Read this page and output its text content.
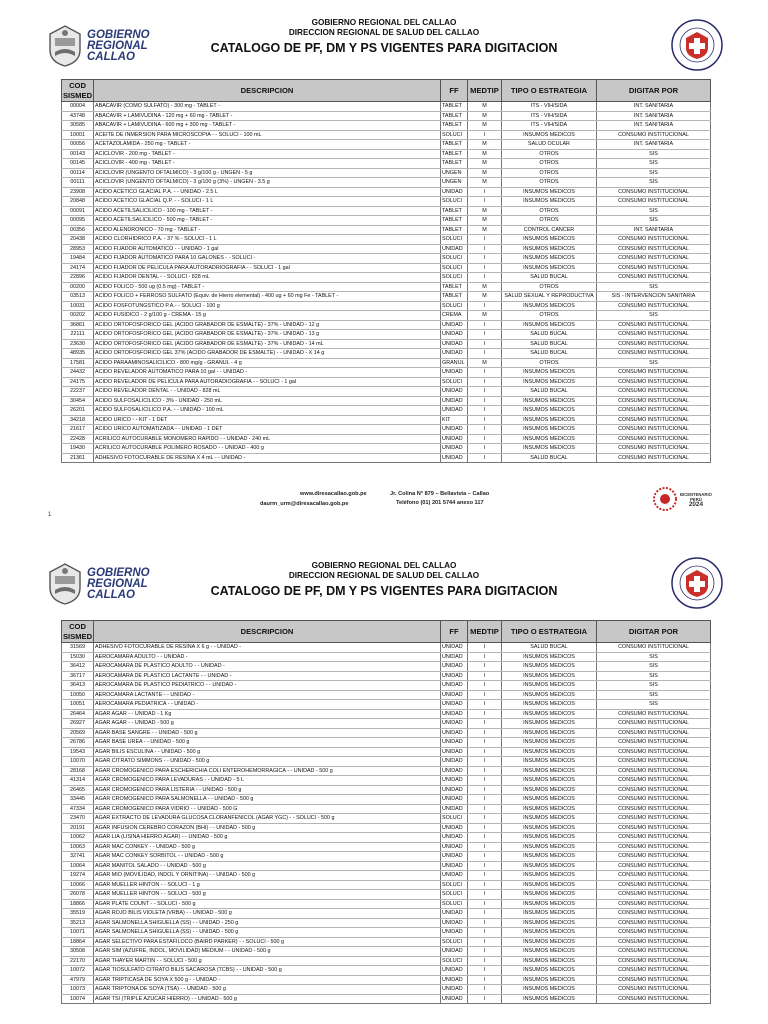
GOBIERNO
REGIONAL
CALLAO
GOBIERNO REGIONAL DEL CALLAO
DIRECCION REGIONAL DE SALUD DEL CALLAO
CATALOGO DE PF, DM Y PS VIGENTES PARA DIGITACION
COD SISMED	DESCRIPCION	FF	MEDTIP	TIPO O ESTRATEGIA	DIGITAR POR
00004	ABACAVIR (COMO SULFATO) - 300 mg - TABLET -	TABLET	M	ITS - VIH/SIDA	INT. SANITARIA
43748	ABACAVIR + LAMIVUDINA - 120 mg + 60 mg - TABLET -	TABLET	M	ITS - VIH/SIDA	INT. SANITARIA
30585	ABACAVIR + LAMIVUDINA - 600 mg + 300 mg - TABLET -	TABLET	M	ITS - VIH/SIDA	INT. SANITARIA
10001	ACEITE DE INMERSION PARA MICROSCOPIA - - SOLUCI - 100 mL	SOLUCI	I	INSUMOS MEDICOS	CONSUMO INSTITUCIONAL
00056	ACETAZOLAMIDA - 250 mg - TABLET -	TABLET	M	SALUD OCULAR	INT. SANITARIA
00143	ACICLOVIR - 200 mg - TABLET -	TABLET	M	OTROS	SIS
00145	ACICLOVIR - 400 mg - TABLET -	TABLET	M	OTROS	SIS
00114	ACICLOVIR (UNGENTO OFTALMICO) - 3 g/100 g - UNGEN - 5 g	UNGEN	M	OTROS	SIS
00111	ACICLOVIR (UNGENTO OFTALMICO) - 3 g/100 g (3%) - UNGEN - 3.5 g	UNGEN	M	OTROS	SIS
23908	ACIDO ACETICO GLACIAL P.A. - - UNIDAD - 2.5 L	UNIDAD	I	INSUMOS MEDICOS	CONSUMO INSTITUCIONAL
20848	ACIDO ACETICO GLACIAL Q.P. - - SOLUCI - 1 L	SOLUCI	I	INSUMOS MEDICOS	CONSUMO INSTITUCIONAL
00091	ACIDO ACETILSALICILICO - 100 mg - TABLET -	TABLET	M	OTROS	SIS
00095	ACIDO ACETILSALICILICO - 500 mg - TABLET -	TABLET	M	OTROS	SIS
00356	ACIDO ALENDRONICO - 70 mg - TABLET -	TABLET	M	CONTROL CANCER	INT. SANITARIA
20438	ACIDO CLORHIDRICO P.A. - 37 % - SOLUCI - 1 L	SOLUCI	I	INSUMOS MEDICOS	CONSUMO INSTITUCIONAL
28953	ACIDO FIJADOR AUTOMATICO - - UNIDAD - 1 gal	UNIDAD	I	INSUMOS MEDICOS	CONSUMO INSTITUCIONAL
19484	ACIDO FIJADOR AUTOMATICO PARA 10 GALONES - - SOLUCI -	SOLUCI	I	INSUMOS MEDICOS	CONSUMO INSTITUCIONAL
24174	ACIDO FIJADOR DE PELICULA PARA AUTORADRIOGRAFIA - - SOLUCI - 1 gal	SOLUCI	I	INSUMOS MEDICOS	CONSUMO INSTITUCIONAL
22896	ACIDO FIJADOR DENTAL - - SOLUCI - 828 mL	SOLUCI	I	SALUD BUCAL	CONSUMO INSTITUCIONAL
00200	ACIDO FOLICO - 500 ug (0.5 mg) - TABLET -	TABLET	M	OTROS	SIS
03513	ACIDO FOLICO + FERROSO SULFATO (Equiv. de Hierro elemental) - 400 ug + 60 mg Fe - TABLET -	TABLET	M	SALUD SEXUAL Y REPRODUCTIVA	SIS - INTERVENCION SANITARIA
10031	ACIDO FOSFOTUNGSTICO P.A.- - SOLUCI - 100 g	SOLUCI	I	INSUMOS MEDICOS	CONSUMO INSTITUCIONAL
00202	ACIDO FUSIDICO - 2 g/100 g - CREMA - 15 g	CREMA	M	OTROS	SIS
36861	ACIDO ORTOFOSFORICO GEL (ACIDO GRABADOR DE ESMALTE) - 37% - UNIDAD - 12 g	UNIDAD	I	INSUMOS MEDICOS	CONSUMO INSTITUCIONAL
22111	ACIDO ORTOFOSFORICO GEL (ACIDO GRABADOR DE ESMALTE) - 37% - UNIDAD - 13 g	UNIDAD	I	SALUD BUCAL	CONSUMO INSTITUCIONAL
23630	ACIDO ORTOFOSFORICO GEL (ACIDO GRABADOR DE ESMALTE) - 37% - UNIDAD - 14 mL	UNIDAD	I	SALUD BUCAL	CONSUMO INSTITUCIONAL
48935	ACIDO ORTOFOSFORICO GEL 37% (ACIDO GRABADOR DE ESMALTE) - - UNIDAD - X 14 g	UNIDAD	I	SALUD BUCAL	CONSUMO INSTITUCIONAL
17581	ACIDO PARAAMINOSALICILICO - 800 mg/g - GRANUL - 4 g	GRANUL	M	OTROS	SIS
24432	ACIDO REVELADOR AUTOMATICO PARA 10 gal - - UNIDAD -	UNIDAD	I	INSUMOS MEDICOS	CONSUMO INSTITUCIONAL
24175	ACIDO REVELADOR DE PELICULA PARA AUTORADIOGRAFIA - - SOLUCI - 1 gal	SOLUCI	I	INSUMOS MEDICOS	CONSUMO INSTITUCIONAL
22237	ACIDO REVELADOR DENTAL - - UNIDAD - 828 mL	UNIDAD	I	SALUD BUCAL	CONSUMO INSTITUCIONAL
30454	ACIDO SULFOSALICILICO - 3% - UNIDAD - 250 mL	UNIDAD	I	INSUMOS MEDICOS	CONSUMO INSTITUCIONAL
26201	ACIDO SULFOSALICILICO P.A. - - UNIDAD - 100 mL	UNIDAD	I	INSUMOS MEDICOS	CONSUMO INSTITUCIONAL
34218	ACIDO URICO - - KIT - 1 DET	KIT	I	INSUMOS MEDICOS	CONSUMO INSTITUCIONAL
21617	ACIDO URICO AUTOMATIZADA - - UNIDAD - 1 DET	UNIDAD	I	INSUMOS MEDICOS	CONSUMO INSTITUCIONAL
22428	ACRILICO AUTOCURABLE MONOMERO RAPIDO - - UNIDAD - 240 mL	UNIDAD	I	INSUMOS MEDICOS	CONSUMO INSTITUCIONAL
19430	ACRILICO AUTOCURABLE POLIMERO ROSADO - - UNIDAD - 400 g	UNIDAD	I	INSUMOS MEDICOS	CONSUMO INSTITUCIONAL
21361	ADHESIVO FOTOCURABLE DE RESINA X 4 mL - - UNIDAD -	UNIDAD	I	SALUD BUCAL	CONSUMO INSTITUCIONAL
www.diresacallao.gob.pe
daurm_urm@diresacallao.gob.pe
Jr. Colina N° 879 – Bellavista – Callao
Teléfono (01) 201 5744 anexo 117
1
BICENTENARIO
PERÚ
2024
GOBIERNO
REGIONAL
CALLAO
GOBIERNO REGIONAL DEL CALLAO
DIRECCION REGIONAL DE SALUD DEL CALLAO
CATALOGO DE PF, DM Y PS VIGENTES PARA DIGITACION
COD SISMED	DESCRIPCION	FF	MEDTIP	TIPO O ESTRATEGIA	DIGITAR POR
31569	ADHESIVO FOTOCURABLE DE RESINA X 6 g - - UNIDAD -	UNIDAD	I	SALUD BUCAL	CONSUMO INSTITUCIONAL
15030	AEROCAMARA ADULTO - - UNIDAD -	UNIDAD	I	INSUMOS MEDICOS	SIS
36412	AEROCAMARA DE PLASTICO ADULTO - - UNIDAD -	UNIDAD	I	INSUMOS MEDICOS	SIS
36717	AEROCAMARA DE PLASTICO LACTANTE - - UNIDAD -	UNIDAD	I	INSUMOS MEDICOS	SIS
36413	AEROCAMARA DE PLASTICO PEDIATRICO - - UNIDAD -	UNIDAD	I	INSUMOS MEDICOS	SIS
10050	AEROCAMARA LACTANTE - - UNIDAD -	UNIDAD	I	INSUMOS MEDICOS	SIS
10051	AEROCAMARA PEDIATRICA - - UNIDAD -	UNIDAD	I	INSUMOS MEDICOS	SIS
26464	AGAR AGAR - - UNIDAD - 1 Kg	UNIDAD	I	INSUMOS MEDICOS	CONSUMO INSTITUCIONAL
26927	AGAR AGAR - - UNIDAD - 500 g	UNIDAD	I	INSUMOS MEDICOS	CONSUMO INSTITUCIONAL
20569	AGAR BASE SANGRE - - UNIDAD - 500 g	UNIDAD	I	INSUMOS MEDICOS	CONSUMO INSTITUCIONAL
26786	AGAR BASE UREA - - UNIDAD - 500 g	UNIDAD	I	INSUMOS MEDICOS	CONSUMO INSTITUCIONAL
19543	AGAR BILIS ESCULINA - - UNIDAD - 500 g	UNIDAD	I	INSUMOS MEDICOS	CONSUMO INSTITUCIONAL
10070	AGAR CITRATO SIMMONS - - UNIDAD - 500 g	UNIDAD	I	INSUMOS MEDICOS	CONSUMO INSTITUCIONAL
28168	AGAR CROMOGENICO PARA ESCHERICHIA COLI ENTEROHEMORRAGICA - - UNIDAD - 500 g	UNIDAD	I	INSUMOS MEDICOS	CONSUMO INSTITUCIONAL
41314	AGAR CROMOGENICO PARA LEVADURAS - - UNIDAD - 5 L	UNIDAD	I	INSUMOS MEDICOS	CONSUMO INSTITUCIONAL
26465	AGAR CROMOGENICO PARA LISTERIA - - UNIDAD - 500 g	UNIDAD	I	INSUMOS MEDICOS	CONSUMO INSTITUCIONAL
33445	AGAR CROMOGENICO PARA SALMONELLA - - UNIDAD - 500 g	UNIDAD	I	INSUMOS MEDICOS	CONSUMO INSTITUCIONAL
47334	AGAR CROMOGENICO PARA VIDRIO - - UNIDAD - 500 G	UNIDAD	I	INSUMOS MEDICOS	CONSUMO INSTITUCIONAL
23470	AGAR EXTRACTO DE LEVADURA GLUCOSA CLORANFENICOL (AGAR YGC) - - SOLUCI - 500 g	SOLUCI	I	INSUMOS MEDICOS	CONSUMO INSTITUCIONAL
20191	AGAR INFUSION CEREBRO CORAZON (BHI) - - UNIDAD - 500 g	UNIDAD	I	INSUMOS MEDICOS	CONSUMO INSTITUCIONAL
10062	AGAR LIA (LISINA HIERRO AGAR) - - UNIDAD - 500 g	UNIDAD	I	INSUMOS MEDICOS	CONSUMO INSTITUCIONAL
10063	AGAR MAC CONKEY - - UNIDAD - 500 g	UNIDAD	I	INSUMOS MEDICOS	CONSUMO INSTITUCIONAL
32741	AGAR MAC CONKEY SORBITOL - - UNIDAD - 500 g	UNIDAD	I	INSUMOS MEDICOS	CONSUMO INSTITUCIONAL
10064	AGAR MANITOL SALADO - - UNIDAD - 500 g	UNIDAD	I	INSUMOS MEDICOS	CONSUMO INSTITUCIONAL
19274	AGAR MIO (MOVILIDAD, INDOL Y ORNITINA) - - UNIDAD - 500 g	UNIDAD	I	INSUMOS MEDICOS	CONSUMO INSTITUCIONAL
10066	AGAR MUELLER HINTON - - SOLUCI - 1 g	SOLUCI	I	INSUMOS MEDICOS	CONSUMO INSTITUCIONAL
26078	AGAR MUELLER HINTON - - SOLUCI - 500 g	SOLUCI	I	INSUMOS MEDICOS	CONSUMO INSTITUCIONAL
18866	AGAR PLATE COUNT - - SOLUCI - 500 g	SOLUCI	I	INSUMOS MEDICOS	CONSUMO INSTITUCIONAL
35519	AGAR ROJO BILIS VIOLETA (VRBA) - - UNIDAD - 500 g	UNIDAD	I	INSUMOS MEDICOS	CONSUMO INSTITUCIONAL
35213	AGAR SALMONELLA SHIGUELLA (SS) - - UNIDAD - 250 g	UNIDAD	I	INSUMOS MEDICOS	CONSUMO INSTITUCIONAL
10071	AGAR SALMONELLA SHIGUELLA (SS) - - UNIDAD - 500 g	UNIDAD	I	INSUMOS MEDICOS	CONSUMO INSTITUCIONAL
18864	AGAR SELECTIVO PARA ESTAFILOCO (BAIRD PARKER) - - SOLUCI - 500 g	SOLUCI	I	INSUMOS MEDICOS	CONSUMO INSTITUCIONAL
30508	AGAR SIM (AZUFRE, INDOL, MOVILIDAD) MEDIUM - - UNIDAD - 500 g	UNIDAD	I	INSUMOS MEDICOS	CONSUMO INSTITUCIONAL
22170	AGAR THAYER MARTIN - - SOLUCI - 500 g	SOLUCI	I	INSUMOS MEDICOS	CONSUMO INSTITUCIONAL
10072	AGAR TIOSULFATO CITRATO BILIS SACAROSA (TCBS) - - UNIDAD - 500 g	UNIDAD	I	INSUMOS MEDICOS	CONSUMO INSTITUCIONAL
47979	AGAR TRIPTICASA DE SOYA X 500 g - - UNIDAD -	UNIDAD	I	INSUMOS MEDICOS	CONSUMO INSTITUCIONAL
10073	AGAR TRIPTONA DE SOYA (TSA) - - UNIDAD - 500 g	UNIDAD	I	INSUMOS MEDICOS	CONSUMO INSTITUCIONAL
10074	AGAR TSI (TRIPLE AZUCAR HIERRO) - - UNIDAD - 500 g	UNIDAD	I	INSUMOS MEDICOS	CONSUMO INSTITUCIONAL
